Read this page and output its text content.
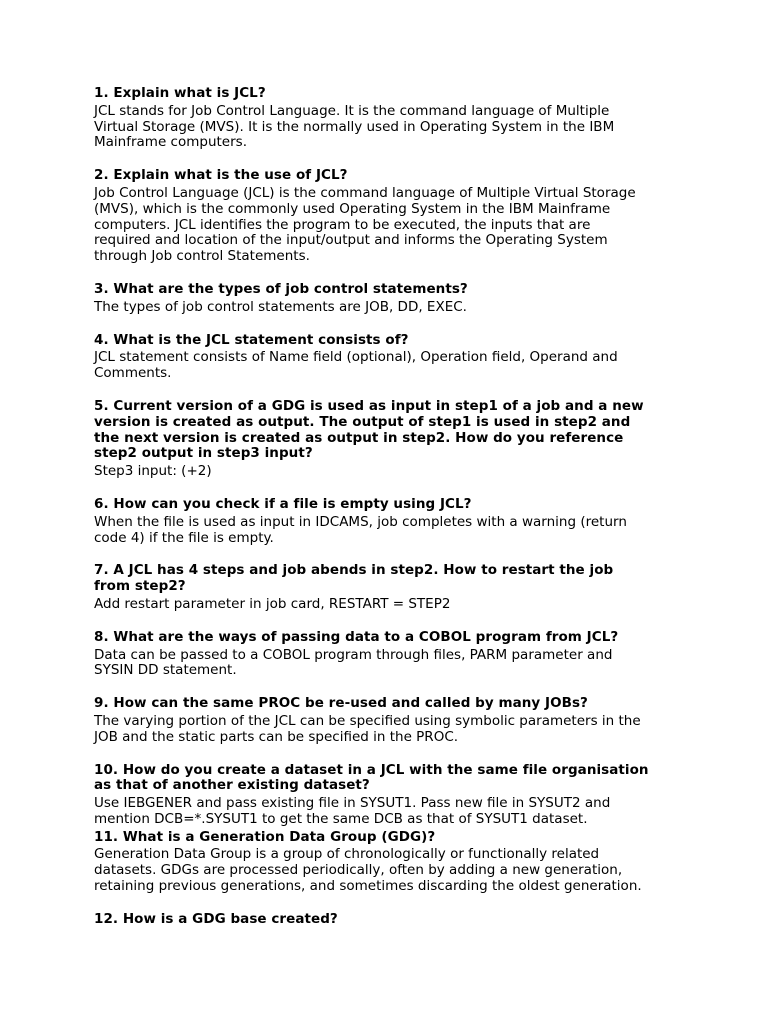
1. Explain what is JCL?
JCL stands for Job Control Language. It is the command language of Multiple
Virtual Storage (MVS). It is the normally used in Operating System in the IBM
Mainframe computers.
2. Explain what is the use of JCL?
Job Control Language (JCL) is the command language of Multiple Virtual Storage
(MVS), which is the commonly used Operating System in the IBM Mainframe
computers. JCL identifies the program to be executed, the inputs that are
required and location of the input/output and informs the Operating System
through Job control Statements.
3. What are the types of job control statements?
The types of job control statements are JOB, DD, EXEC.
4. What is the JCL statement consists of?
JCL statement consists of Name field (optional), Operation field, Operand and
Comments.
5. Current version of a GDG is used as input in step1 of a job and a new
version is created as output. The output of step1 is used in step2 and
the next version is created as output in step2. How do you reference
step2 output in step3 input?
Step3 input: (+2)
6. How can you check if a file is empty using JCL?
When the file is used as input in IDCAMS, job completes with a warning (return
code 4) if the file is empty.
7. A JCL has 4 steps and job abends in step2. How to restart the job
from step2?
Add restart parameter in job card, RESTART = STEP2
8. What are the ways of passing data to a COBOL program from JCL?
Data can be passed to a COBOL program through files, PARM parameter and
SYSIN DD statement.
9. How can the same PROC be re-used and called by many JOBs?
The varying portion of the JCL can be specified using symbolic parameters in the
JOB and the static parts can be specified in the PROC.
10. How do you create a dataset in a JCL with the same file organisation
as that of another existing dataset?
Use IEBGENER and pass existing file in SYSUT1. Pass new file in SYSUT2 and
mention DCB=*.SYSUT1 to get the same DCB as that of SYSUT1 dataset.
11. What is a Generation Data Group (GDG)?
Generation Data Group is a group of chronologically or functionally related
datasets. GDGs are processed periodically, often by adding a new generation,
retaining previous generations, and sometimes discarding the oldest generation.
12. How is a GDG base created?
